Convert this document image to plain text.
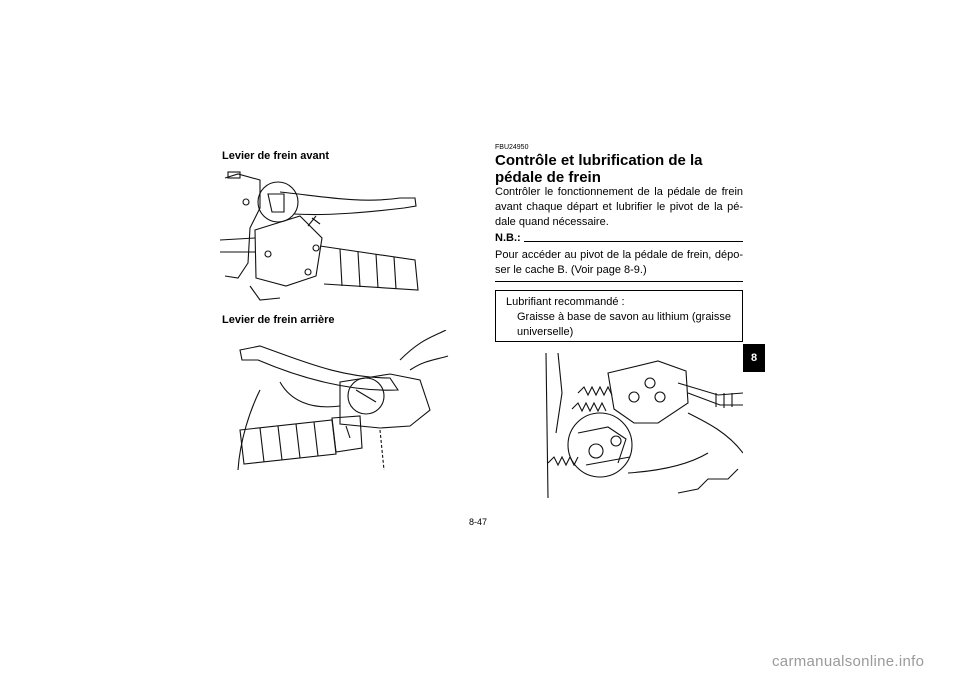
Levier de frein avant
Levier de frein arrière
FBU24950
Contrôle et lubrification de la pédale de frein
Contrôler le fonctionnement de la pédale de frein avant chaque départ et lubrifier le pivot de la pé-dale quand nécessaire.
N.B.:
Pour accéder au pivot de la pédale de frein, dépo-ser le cache B. (Voir page 8-9.)
Lubrifiant recommandé :
Graisse à base de savon au lithium (graisse universelle)
8
8-47
carmanualsonline.info
